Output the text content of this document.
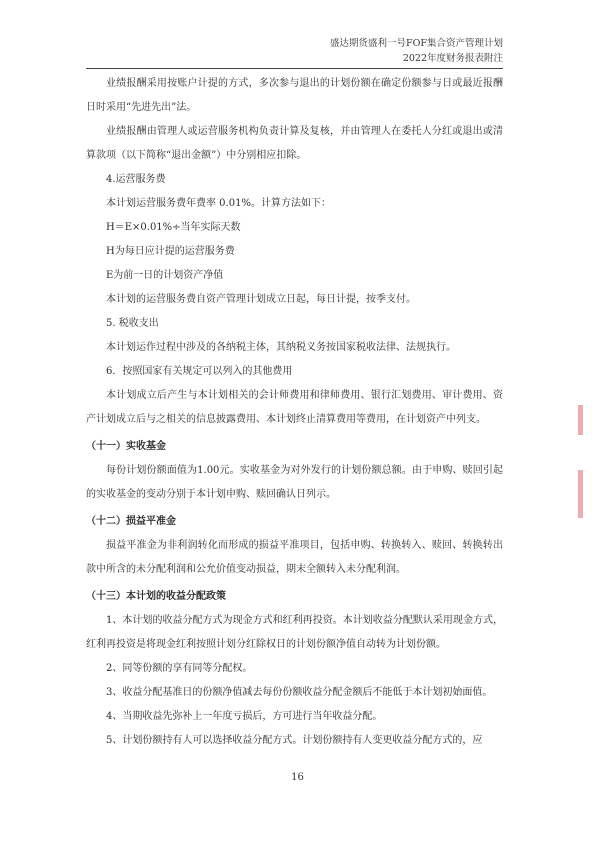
盛达期货盛利一号FOF集合资产管理计划
2022年度财务报表附注

业绩报酬采用按账户计提的方式，多次参与退出的计划份额在确定份额参与日或最近报酬日时采用“先进先出”法。

业绩报酬由管理人或运营服务机构负责计算及复核，并由管理人在委托人分红或退出或清算款项（以下简称“退出金额”）中分别相应扣除。

4.运营服务费

本计划运营服务费年费率 0.01%。计算方法如下：

H＝E×0.01%÷当年实际天数

H为每日应计提的运营服务费

E为前一日的计划资产净值

本计划的运营服务费自资产管理计划成立日起，每日计提，按季支付。

5. 税收支出

本计划运作过程中涉及的各纳税主体，其纳税义务按国家税收法律、法规执行。

6．按照国家有关规定可以列入的其他费用

本计划成立后产生与本计划相关的会计师费用和律师费用、银行汇划费用、审计费用、资产计划成立后与之相关的信息披露费用、本计划终止清算费用等费用，在计划资产中列支。

（十一）实收基金

每份计划份额面值为1.00元。实收基金为对外发行的计划份额总额。由于申购、赎回引起的实收基金的变动分别于本计划申购、赎回确认日列示。

（十二）损益平准金

损益平准金为非利润转化而形成的损益平准项目，包括申购、转换转入、赎回、转换转出款中所含的未分配利润和公允价值变动损益，期末全额转入未分配利润。

（十三）本计划的收益分配政策

1、本计划的收益分配方式为现金方式和红利再投资。本计划收益分配默认采用现金方式，红利再投资是将现金红利按照计划分红除权日的计划份额净值自动转为计划份额。

2、同等份额的享有同等分配权。

3、收益分配基准日的份额净值减去每份份额收益分配金额后不能低于本计划初始面值。

4、当期收益先弥补上一年度亏损后，方可进行当年收益分配。

5、计划份额持有人可以选择收益分配方式。计划份额持有人变更收益分配方式的，应

16
